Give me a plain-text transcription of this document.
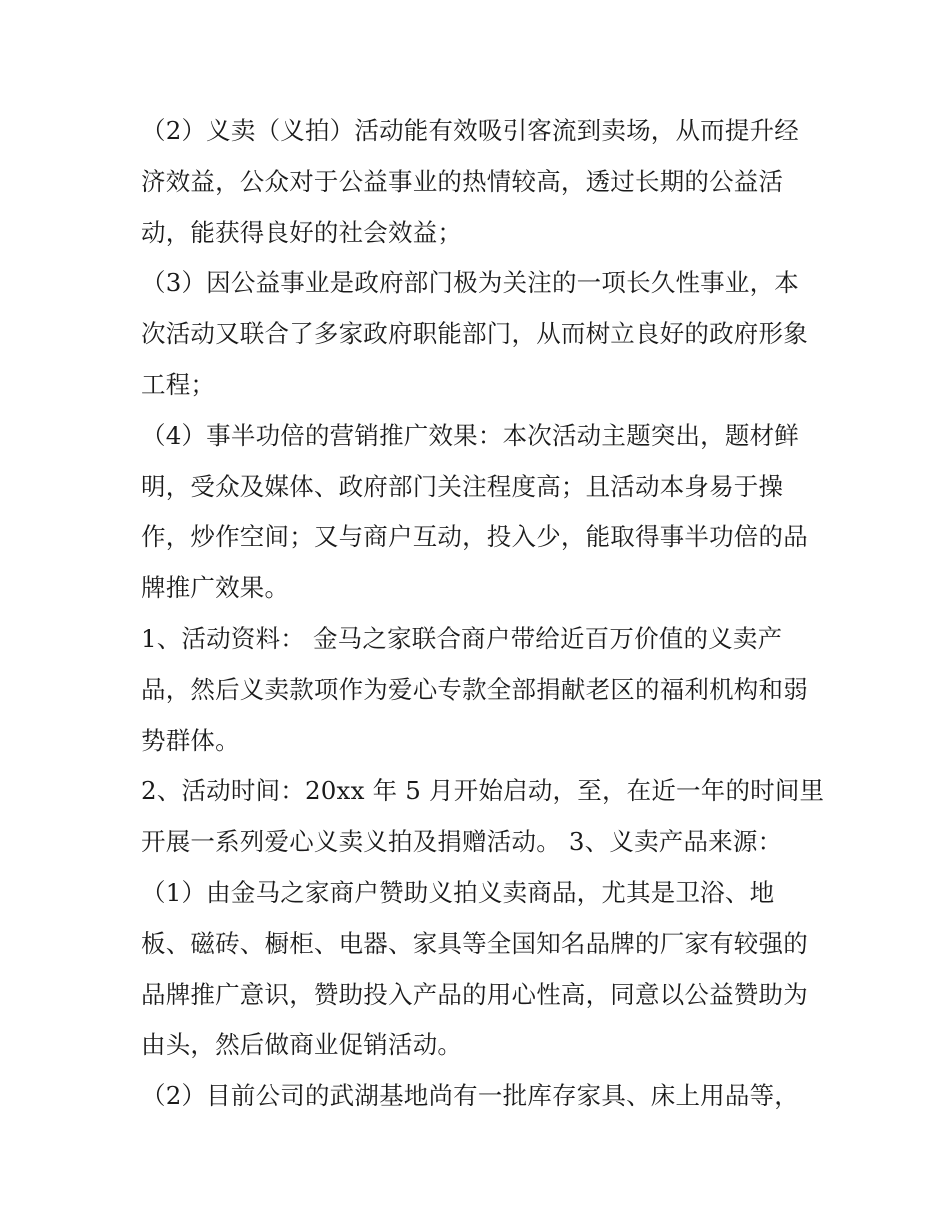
（2）义卖（义拍）活动能有效吸引客流到卖场，从而提升经
济效益，公众对于公益事业的热情较高，透过长期的公益活
动，能获得良好的社会效益；
（3）因公益事业是政府部门极为关注的一项长久性事业，本
次活动又联合了多家政府职能部门，从而树立良好的政府形象
工程；
（4）事半功倍的营销推广效果：本次活动主题突出，题材鲜
明，受众及媒体、政府部门关注程度高；且活动本身易于操
作，炒作空间；又与商户互动，投入少，能取得事半功倍的品
牌推广效果。
1、活动资料： 金马之家联合商户带给近百万价值的义卖产
品，然后义卖款项作为爱心专款全部捐献老区的福利机构和弱
势群体。
2、活动时间：20xx 年 5 月开始启动，至，在近一年的时间里
开展一系列爱心义卖义拍及捐赠活动。 3、义卖产品来源：
（1）由金马之家商户赞助义拍义卖商品，尤其是卫浴、地
板、磁砖、橱柜、电器、家具等全国知名品牌的厂家有较强的
品牌推广意识，赞助投入产品的用心性高，同意以公益赞助为
由头，然后做商业促销活动。
（2）目前公司的武湖基地尚有一批库存家具、床上用品等，
